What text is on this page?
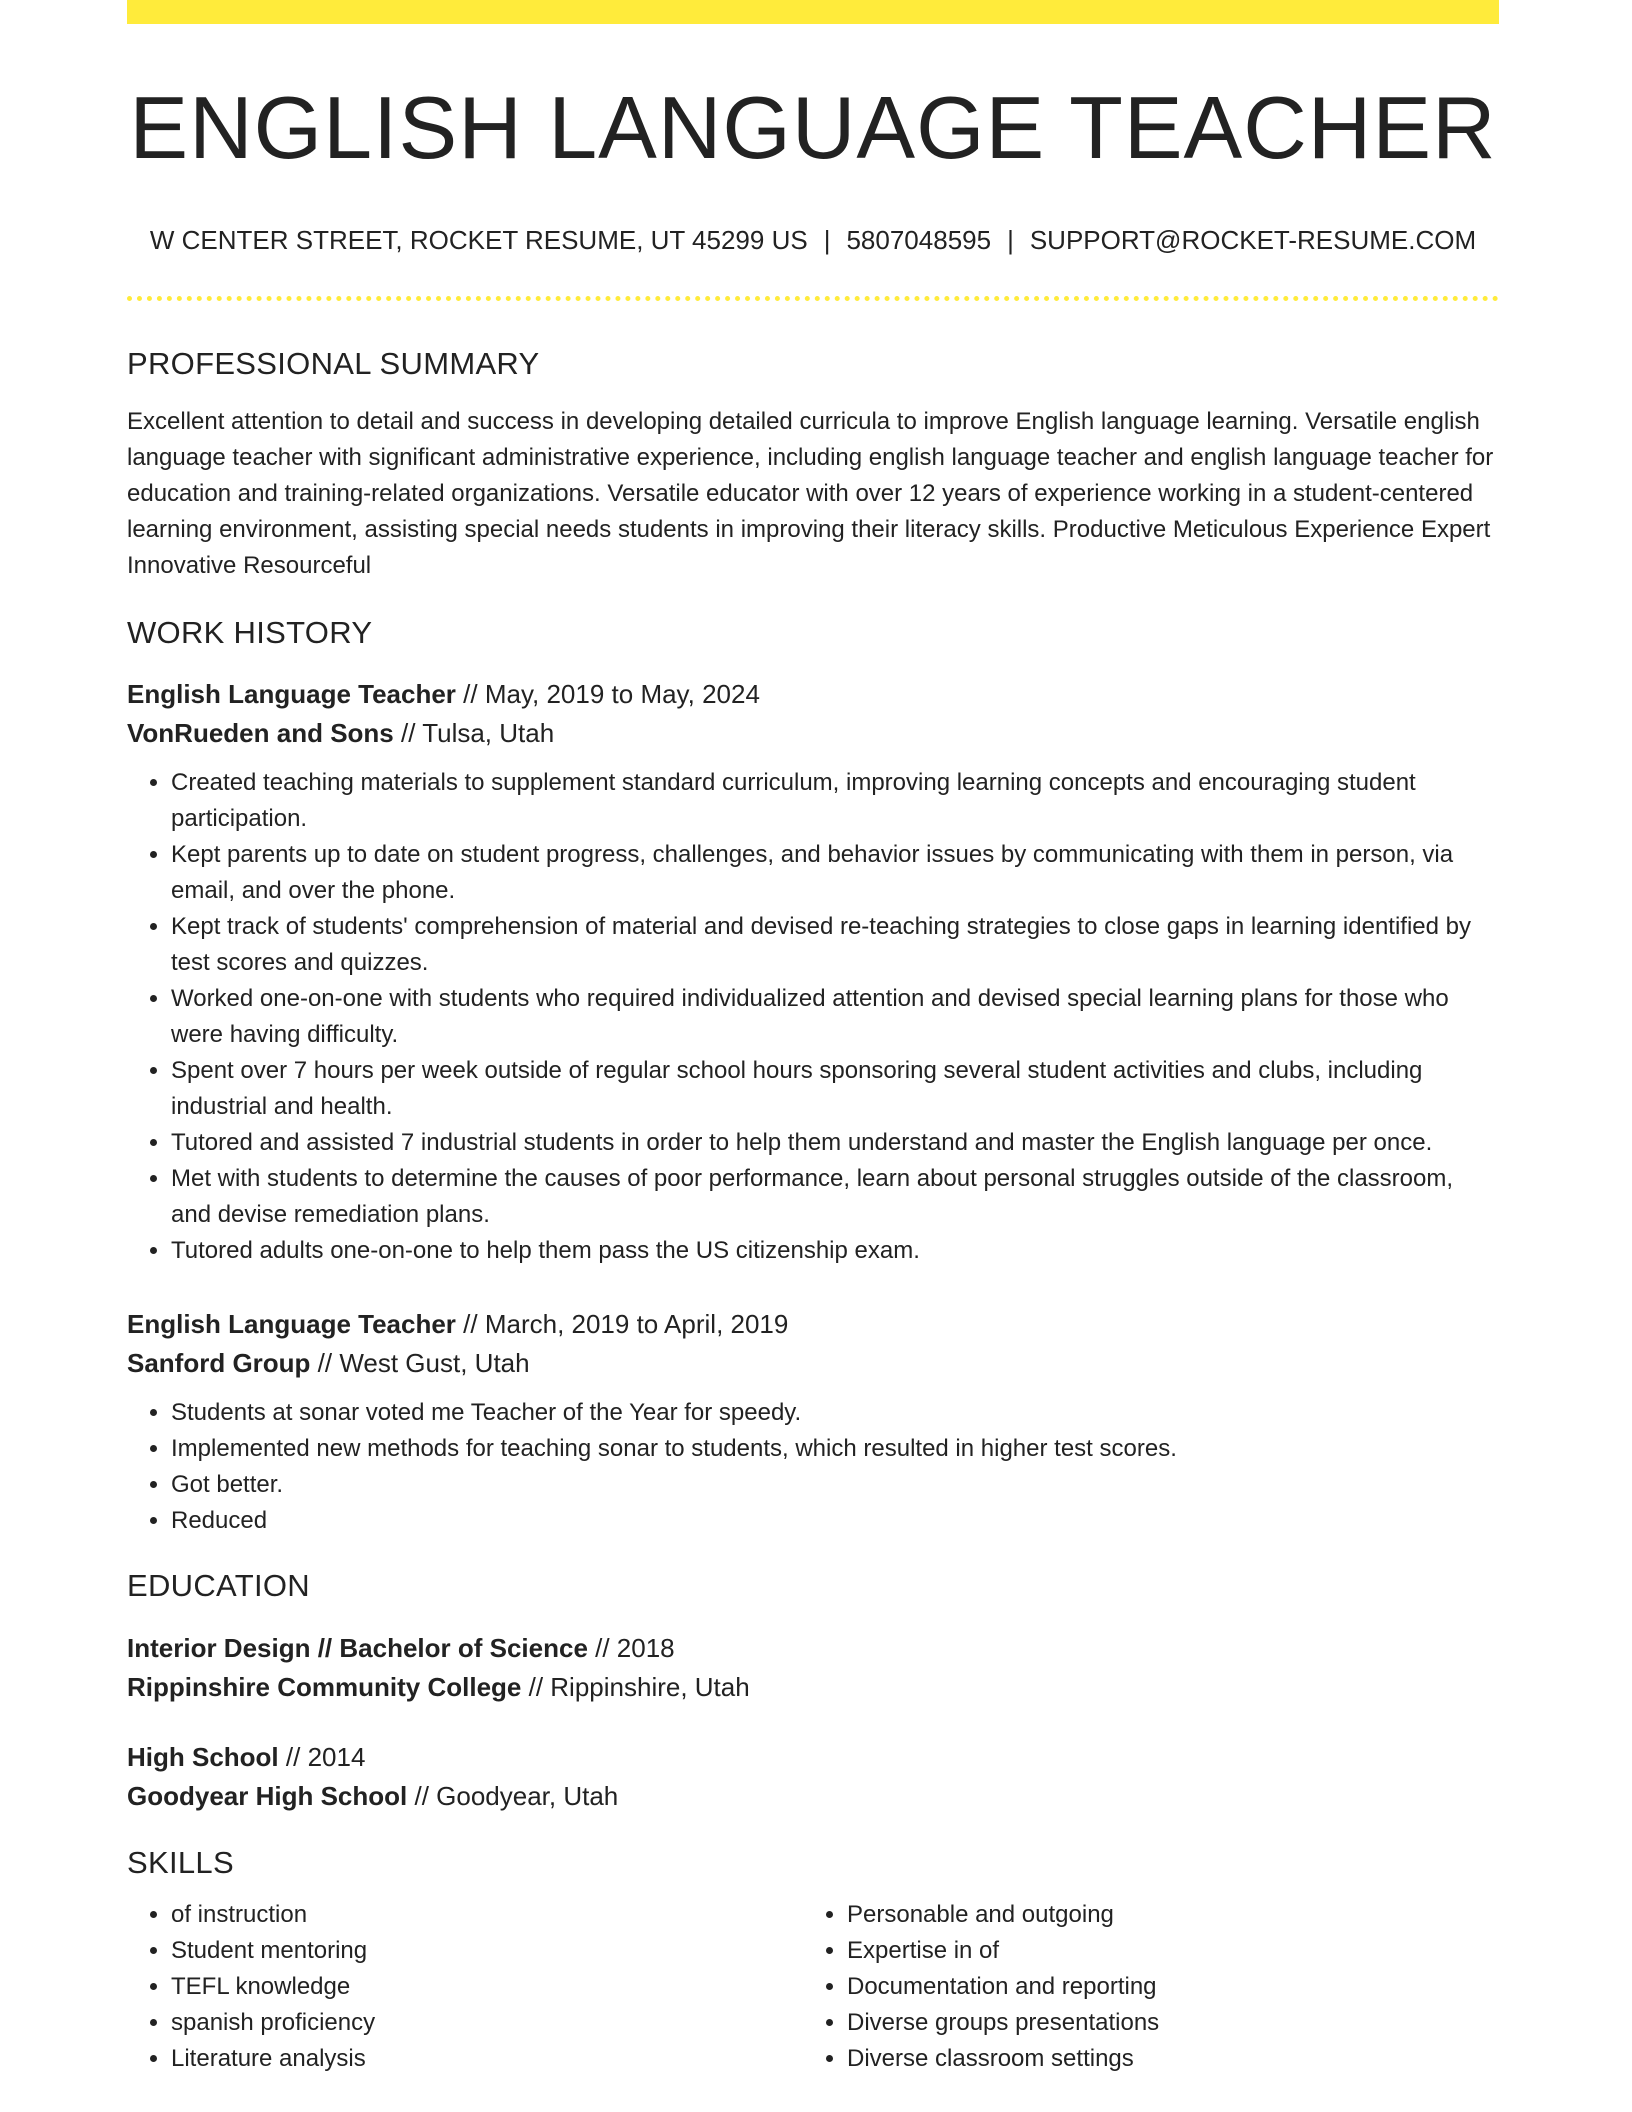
ENGLISH LANGUAGE TEACHER
W CENTER STREET, ROCKET RESUME, UT 45299 US | 5807048595 | SUPPORT@ROCKET-RESUME.COM
PROFESSIONAL SUMMARY
Excellent attention to detail and success in developing detailed curricula to improve English language learning. Versatile english language teacher with significant administrative experience, including english language teacher and english language teacher for education and training-related organizations. Versatile educator with over 12 years of experience working in a student-centered learning environment, assisting special needs students in improving their literacy skills. Productive Meticulous Experience Expert Innovative Resourceful
WORK HISTORY
English Language Teacher // May, 2019 to May, 2024
VonRueden and Sons // Tulsa, Utah
• Created teaching materials to supplement standard curriculum, improving learning concepts and encouraging student participation.
• Kept parents up to date on student progress, challenges, and behavior issues by communicating with them in person, via email, and over the phone.
• Kept track of students' comprehension of material and devised re-teaching strategies to close gaps in learning identified by test scores and quizzes.
• Worked one-on-one with students who required individualized attention and devised special learning plans for those who were having difficulty.
• Spent over 7 hours per week outside of regular school hours sponsoring several student activities and clubs, including industrial and health.
• Tutored and assisted 7 industrial students in order to help them understand and master the English language per once.
• Met with students to determine the causes of poor performance, learn about personal struggles outside of the classroom, and devise remediation plans.
• Tutored adults one-on-one to help them pass the US citizenship exam.
English Language Teacher // March, 2019 to April, 2019
Sanford Group // West Gust, Utah
• Students at sonar voted me Teacher of the Year for speedy.
• Implemented new methods for teaching sonar to students, which resulted in higher test scores.
• Got better.
• Reduced
EDUCATION
Interior Design // Bachelor of Science // 2018
Rippinshire Community College // Rippinshire, Utah
High School // 2014
Goodyear High School // Goodyear, Utah
SKILLS
• of instruction
• Student mentoring
• TEFL knowledge
• spanish proficiency
• Literature analysis
• Personable and outgoing
• Expertise in of
• Documentation and reporting
• Diverse groups presentations
• Diverse classroom settings
